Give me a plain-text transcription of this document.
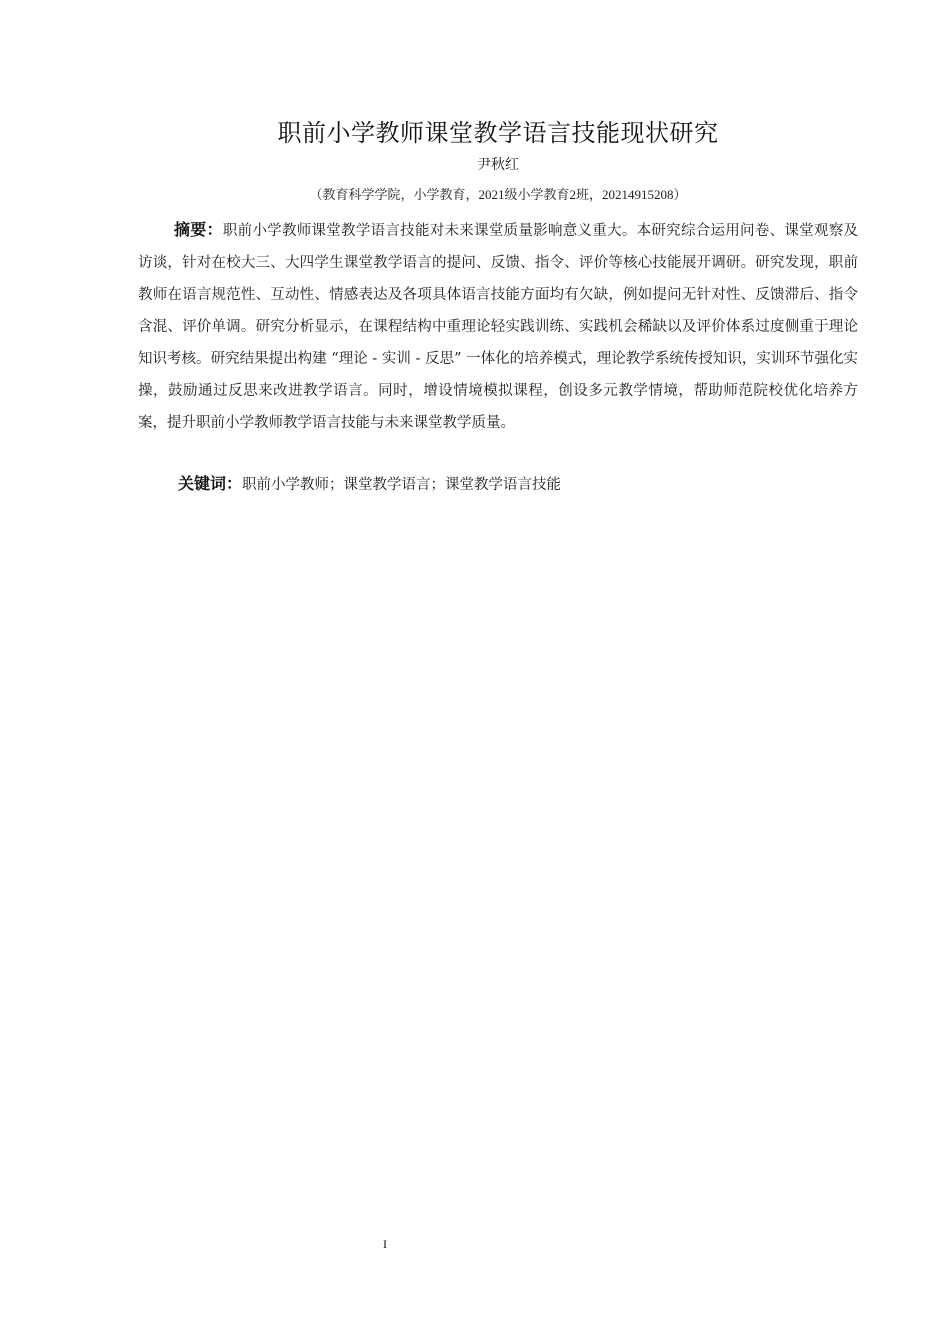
职前小学教师课堂教学语言技能现状研究
尹秋红
（教育科学学院，小学教育，2021级小学教育2班，20214915208）
摘要：职前小学教师课堂教学语言技能对未来课堂质量影响意义重大。本研究综合运用问卷、课堂观察及访谈，针对在校大三、大四学生课堂教学语言的提问、反馈、指令、评价等核心技能展开调研。研究发现，职前教师在语言规范性、互动性、情感表达及各项具体语言技能方面均有欠缺，例如提问无针对性、反馈滞后、指令含混、评价单调。研究分析显示，在课程结构中重理论轻实践训练、实践机会稀缺以及评价体系过度侧重于理论知识考核。研究结果提出构建 “理论 - 实训 - 反思” 一体化的培养模式，理论教学系统传授知识，实训环节强化实操，鼓励通过反思来改进教学语言。同时，增设情境模拟课程，创设多元教学情境，帮助师范院校优化培养方案，提升职前小学教师教学语言技能与未来课堂教学质量。
关键词：职前小学教师；课堂教学语言；课堂教学语言技能
I
